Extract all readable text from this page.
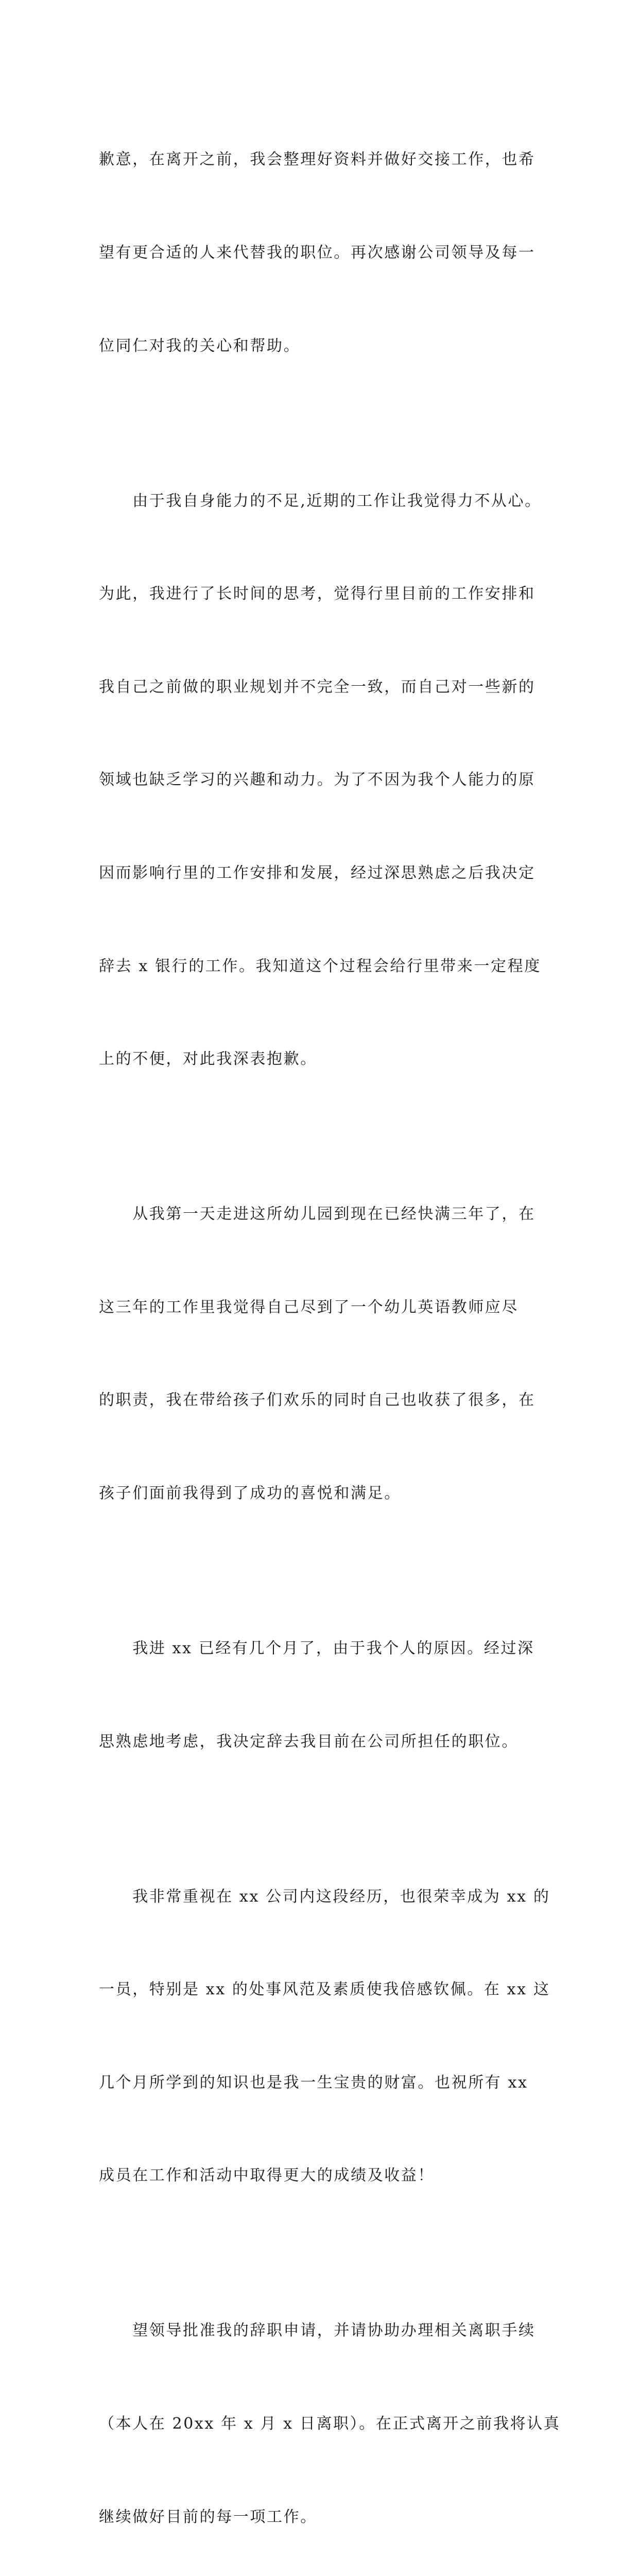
歉意，在离开之前，我会整理好资料并做好交接工作，也希

望有更合适的人来代替我的职位。再次感谢公司领导及每一

位同仁对我的关心和帮助。

　　由于我自身能力的不足,近期的工作让我觉得力不从心。

为此，我进行了长时间的思考，觉得行里目前的工作安排和

我自己之前做的职业规划并不完全一致，而自己对一些新的

领域也缺乏学习的兴趣和动力。为了不因为我个人能力的原

因而影响行里的工作安排和发展，经过深思熟虑之后我决定

辞去 x 银行的工作。我知道这个过程会给行里带来一定程度

上的不便，对此我深表抱歉。

　　从我第一天走进这所幼儿园到现在已经快满三年了，在

这三年的工作里我觉得自己尽到了一个幼儿英语教师应尽

的职责，我在带给孩子们欢乐的同时自己也收获了很多，在

孩子们面前我得到了成功的喜悦和满足。

　　我进 xx 已经有几个月了，由于我个人的原因。经过深

思熟虑地考虑，我决定辞去我目前在公司所担任的职位。

　　我非常重视在 xx 公司内这段经历，也很荣幸成为 xx 的

一员，特别是 xx 的处事风范及素质使我倍感钦佩。在 xx 这

几个月所学到的知识也是我一生宝贵的财富。也祝所有 xx

成员在工作和活动中取得更大的成绩及收益！

　　望领导批准我的辞职申请，并请协助办理相关离职手续

（本人在 20xx 年 x 月 x 日离职）。在正式离开之前我将认真

继续做好目前的每一项工作。
